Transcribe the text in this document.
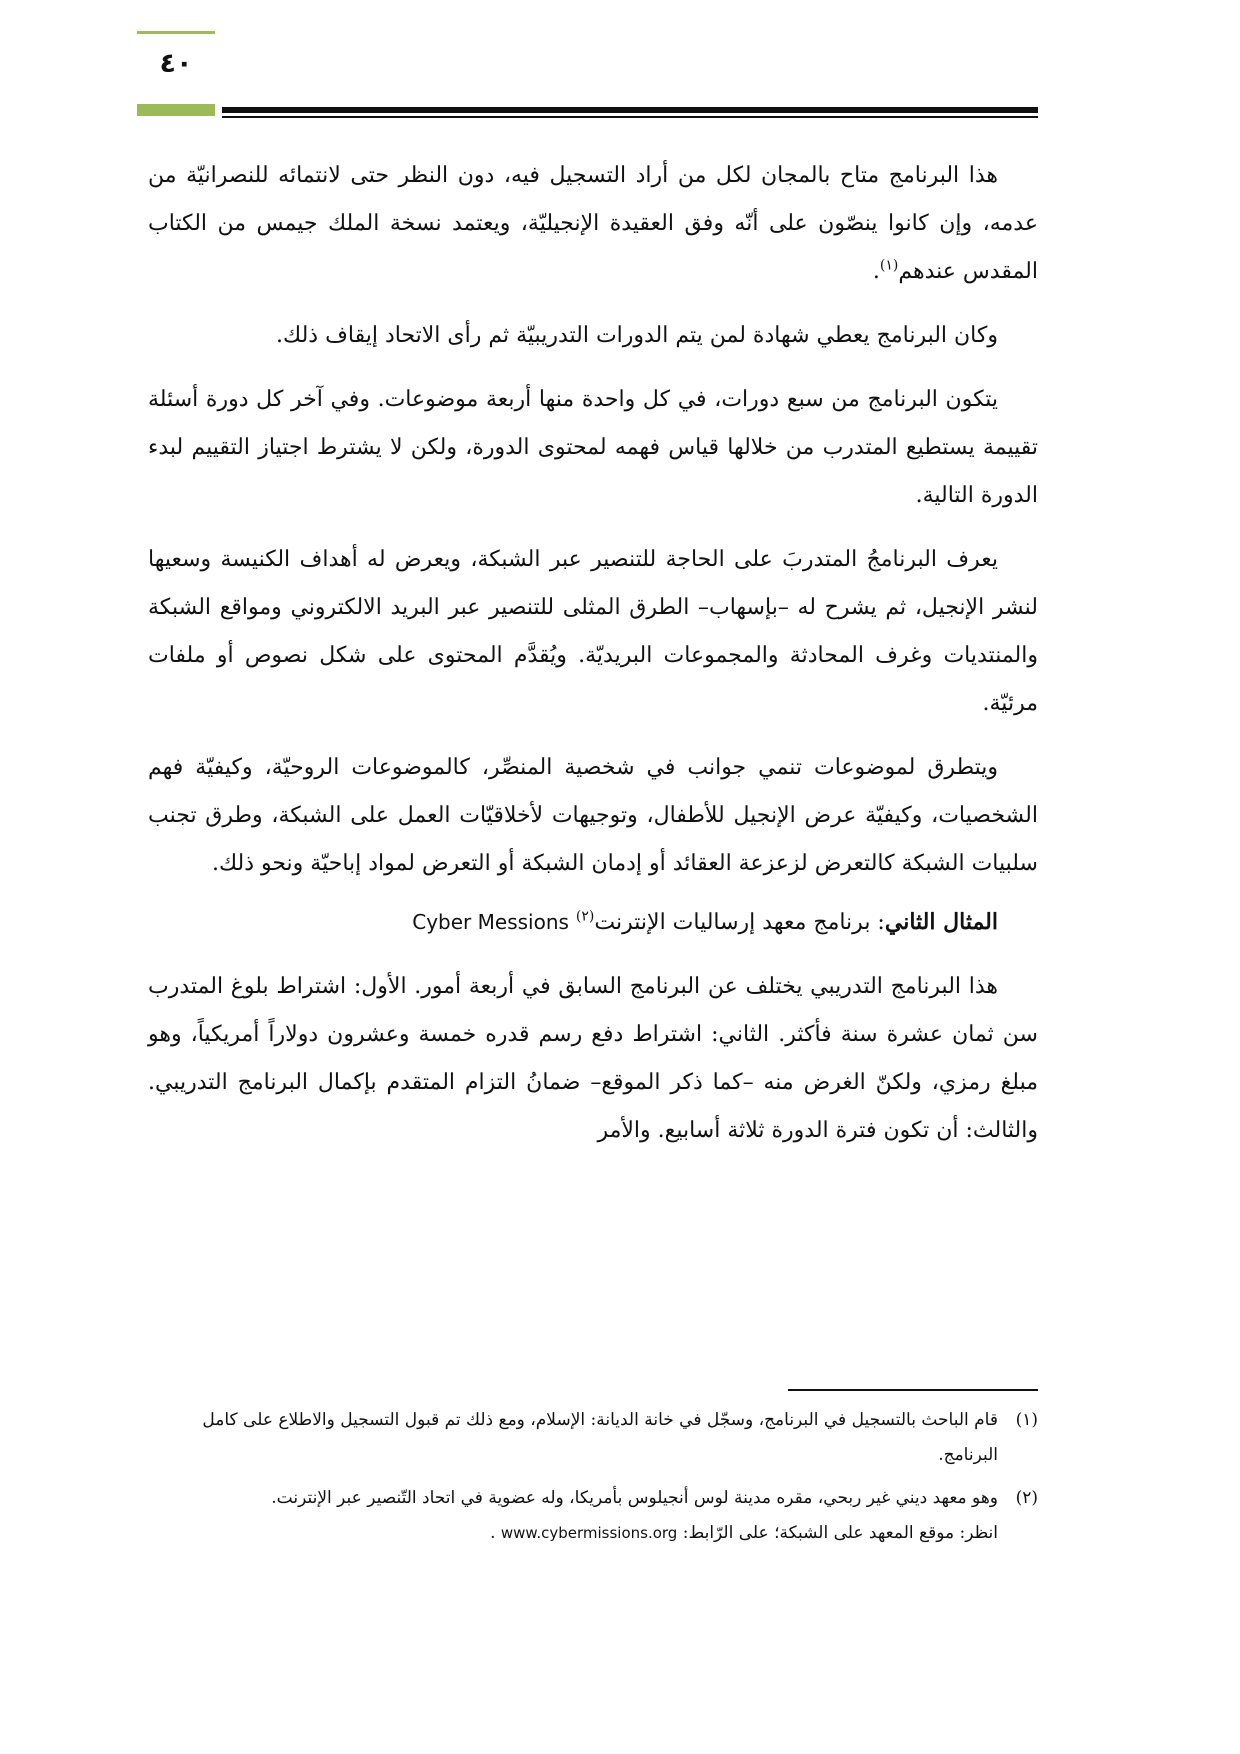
٤٠

هذا البرنامج متاح بالمجان لكل من أراد التسجيل فيه، دون النظر حتى لانتمائه للنصرانيّة من عدمه، وإن كانوا ينصّون على أنّه وفق العقيدة الإنجيليّة، ويعتمد نسخة الملك جيمس من الكتاب المقدس عندهم$^{(١)}$.

وكان البرنامج يعطي شهادة لمن يتم الدورات التدريبيّة ثم رأى الاتحاد إيقاف ذلك.

يتكون البرنامج من سبع دورات، في كل واحدة منها أربعة موضوعات. وفي آخر كل دورة أسئلة تقييمة يستطيع المتدرب من خلالها قياس فهمه لمحتوى الدورة، ولكن لا يشترط اجتياز التقييم لبدء الدورة التالية.

يعرف البرنامجُ المتدربَ على الحاجة للتنصير عبر الشبكة، ويعرض له أهداف الكنيسة وسعيها لنشر الإنجيل، ثم يشرح له –بإسهاب– الطرق المثلى للتنصير عبر البريد الالكتروني ومواقع الشبكة والمنتديات وغرف المحادثة والمجموعات البريديّة. ويُقدَّم المحتوى على شكل نصوص أو ملفات مرئيّة.

ويتطرق لموضوعات تنمي جوانب في شخصية المنصِّر، كالموضوعات الروحيّة، وكيفيّة فهم الشخصيات، وكيفيّة عرض الإنجيل للأطفال، وتوجيهات لأخلاقيّات العمل على الشبكة، وطرق تجنب سلبيات الشبكة كالتعرض لزعزعة العقائد أو إدمان الشبكة أو التعرض لمواد إباحيّة ونحو ذلك.

المثال الثاني: برنامج معهد إرساليات الإنترنت$^{(٢)}$ Cyber Messions

هذا البرنامج التدريبي يختلف عن البرنامج السابق في أربعة أمور. الأول: اشتراط بلوغ المتدرب سن ثمان عشرة سنة فأكثر. الثاني: اشتراط دفع رسم قدره خمسة وعشرون دولاراً أمريكياً، وهو مبلغ رمزي، ولكنّ الغرض منه –كما ذكر الموقع– ضمانُ التزام المتقدم بإكمال البرنامج التدريبي. والثالث: أن تكون فترة الدورة ثلاثة أسابيع. والأمر

(١)قام الباحث بالتسجيل في البرنامج، وسجّل في خانة الديانة: الإسلام، ومع ذلك تم قبول التسجيل والاطلاع على كامل البرنامج.

(٢)وهو معهد ديني غير ربحي، مقره مدينة لوس أنجيلوس بأمريكا، وله عضوية في اتحاد التّنصير عبر الإنترنت.

انظر: موقع المعهد على الشبكة؛ على الرّابط: www.cybermissions.org .
